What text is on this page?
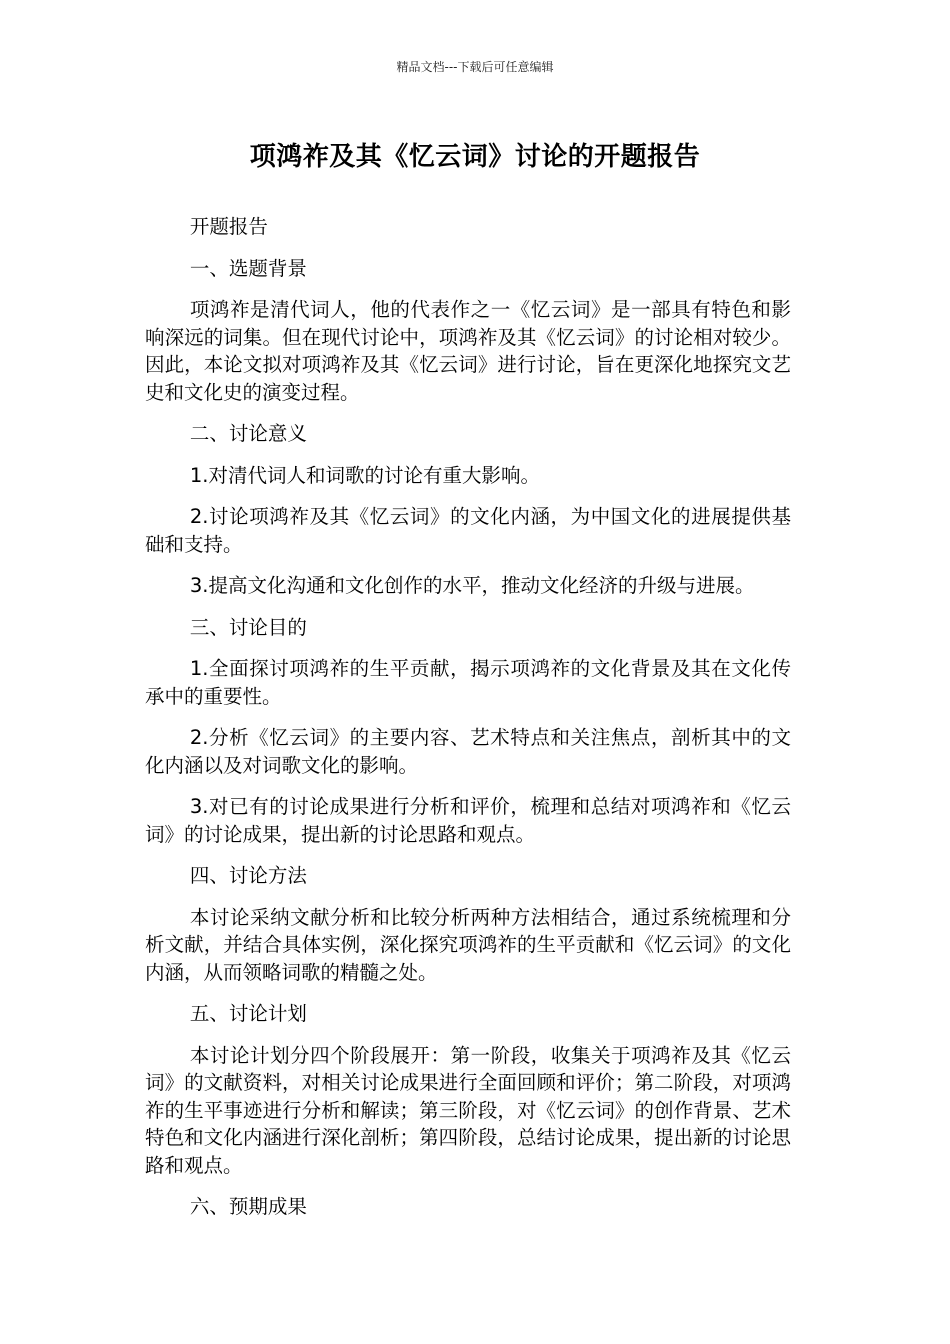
精品文档---下载后可任意编辑

项鸿祚及其《忆云词》讨论的开题报告

开题报告

一、选题背景

项鸿祚是清代词人，他的代表作之一《忆云词》是一部具有特色和影响深远的词集。但在现代讨论中，项鸿祚及其《忆云词》的讨论相对较少。因此，本论文拟对项鸿祚及其《忆云词》进行讨论，旨在更深化地探究文艺史和文化史的演变过程。

二、讨论意义

1.对清代词人和词歌的讨论有重大影响。

2.讨论项鸿祚及其《忆云词》的文化内涵，为中国文化的进展提供基础和支持。

3.提高文化沟通和文化创作的水平，推动文化经济的升级与进展。

三、讨论目的

1.全面探讨项鸿祚的生平贡献，揭示项鸿祚的文化背景及其在文化传承中的重要性。

2.分析《忆云词》的主要内容、艺术特点和关注焦点，剖析其中的文化内涵以及对词歌文化的影响。

3.对已有的讨论成果进行分析和评价，梳理和总结对项鸿祚和《忆云词》的讨论成果，提出新的讨论思路和观点。

四、讨论方法

本讨论采纳文献分析和比较分析两种方法相结合，通过系统梳理和分析文献，并结合具体实例，深化探究项鸿祚的生平贡献和《忆云词》的文化内涵，从而领略词歌的精髓之处。

五、讨论计划

本讨论计划分四个阶段展开：第一阶段，收集关于项鸿祚及其《忆云词》的文献资料，对相关讨论成果进行全面回顾和评价；第二阶段，对项鸿祚的生平事迹进行分析和解读；第三阶段，对《忆云词》的创作背景、艺术特色和文化内涵进行深化剖析；第四阶段，总结讨论成果，提出新的讨论思路和观点。

六、预期成果
